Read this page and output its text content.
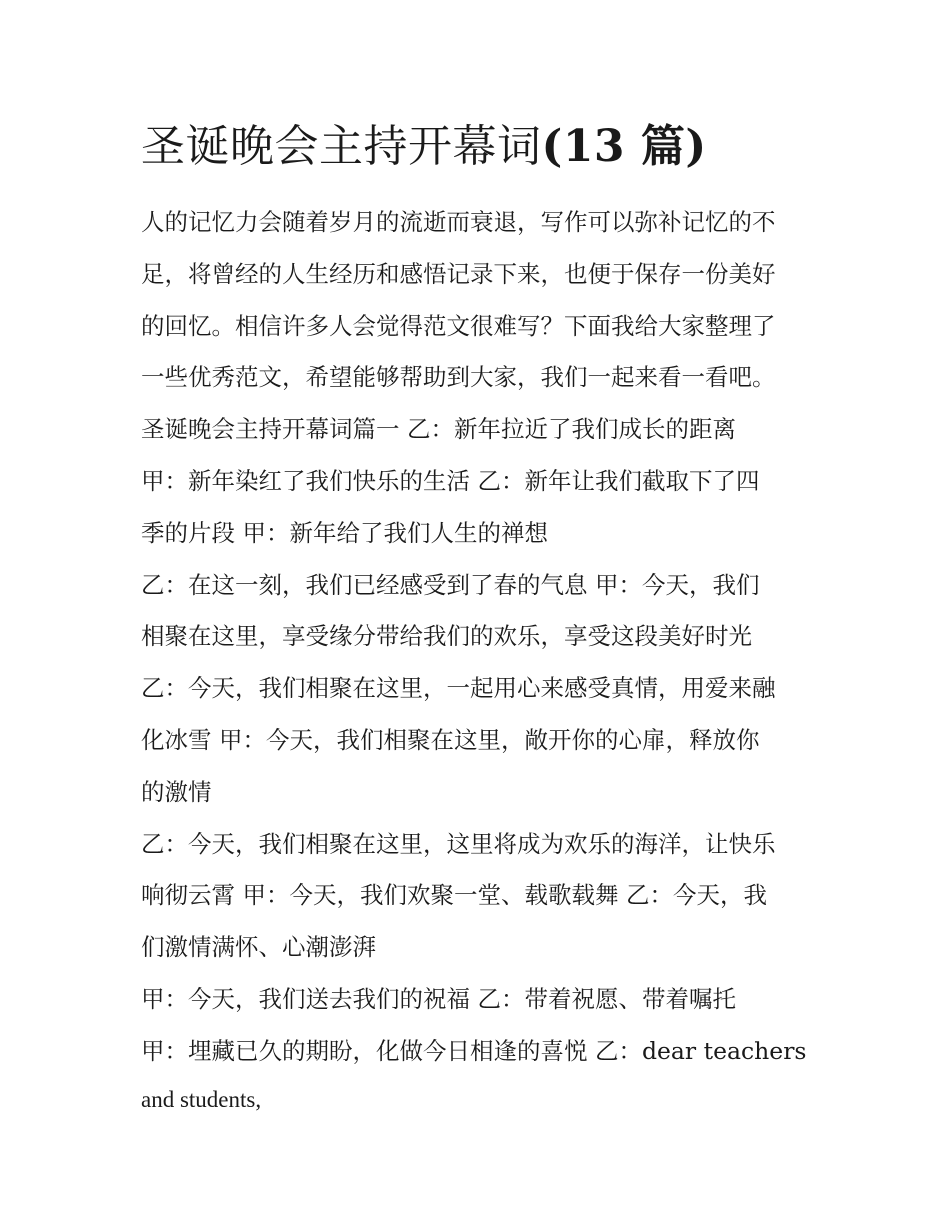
圣诞晚会主持开幕词(13 篇)
人的记忆力会随着岁月的流逝而衰退，写作可以弥补记忆的不
足，将曾经的人生经历和感悟记录下来，也便于保存一份美好
的回忆。相信许多人会觉得范文很难写？下面我给大家整理了
一些优秀范文，希望能够帮助到大家，我们一起来看一看吧。
圣诞晚会主持开幕词篇一 乙：新年拉近了我们成长的距离
甲：新年染红了我们快乐的生活 乙：新年让我们截取下了四
季的片段 甲：新年给了我们人生的禅想
乙：在这一刻，我们已经感受到了春的气息 甲：今天，我们
相聚在这里，享受缘分带给我们的欢乐，享受这段美好时光
乙：今天，我们相聚在这里，一起用心来感受真情，用爱来融
化冰雪 甲：今天，我们相聚在这里，敞开你的心扉，释放你
的激情
乙：今天，我们相聚在这里，这里将成为欢乐的海洋，让快乐
响彻云霄 甲：今天，我们欢聚一堂、载歌载舞 乙：今天，我
们激情满怀、心潮澎湃
甲：今天，我们送去我们的祝福 乙：带着祝愿、带着嘱托
甲：埋藏已久的期盼，化做今日相逢的喜悦 乙：dear teachers
and students,
